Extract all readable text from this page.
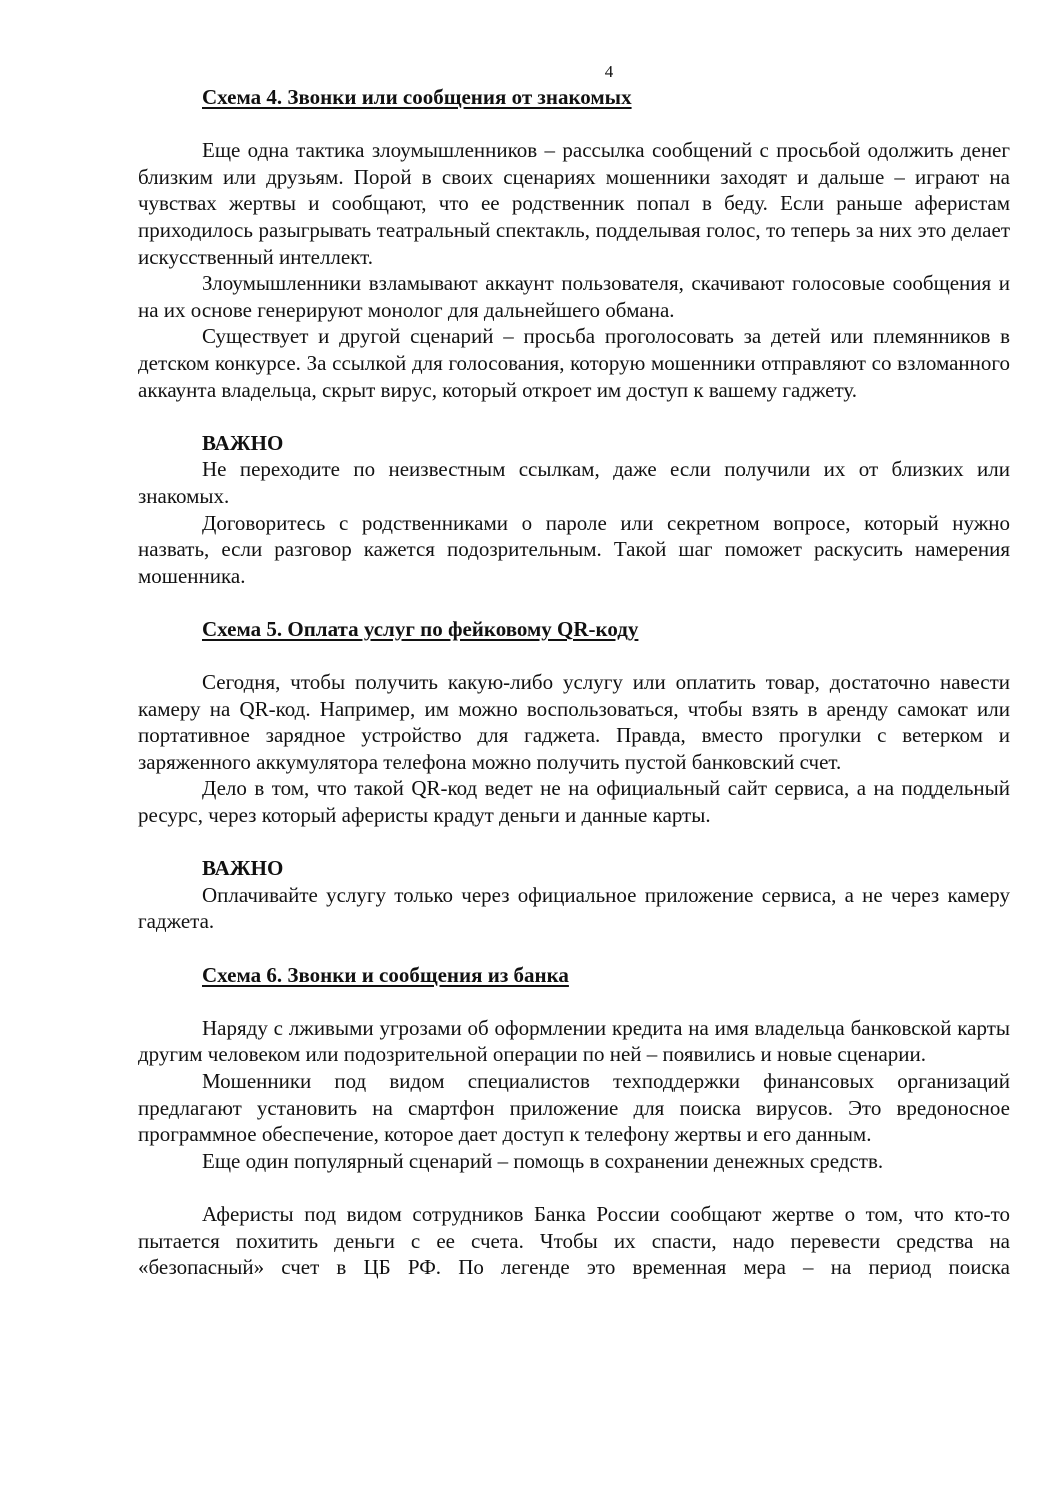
4
Схема 4. Звонки или сообщения от знакомых

Еще одна тактика злоумышленников – рассылка сообщений с просьбой одолжить денег близким или друзьям. Порой в своих сценариях мошенники заходят и дальше – играют на чувствах жертвы и сообщают, что ее родственник попал в беду. Если раньше аферистам приходилось разыгрывать театральный спектакль, подделывая голос, то теперь за них это делает искусственный интеллект.

Злоумышленники взламывают аккаунт пользователя, скачивают голосовые сообщения и на их основе генерируют монолог для дальнейшего обмана.

Существует и другой сценарий – просьба проголосовать за детей или племянников в детском конкурсе. За ссылкой для голосования, которую мошенники отправляют со взломанного аккаунта владельца, скрыт вирус, который откроет им доступ к вашему гаджету.

ВАЖНО

Не переходите по неизвестным ссылкам, даже если получили их от близких или знакомых.

Договоритесь с родственниками о пароле или секретном вопросе, который нужно назвать, если разговор кажется подозрительным. Такой шаг поможет раскусить намерения мошенника.

Схема 5. Оплата услуг по фейковому QR-коду

Сегодня, чтобы получить какую-либо услугу или оплатить товар, достаточно навести камеру на QR-код. Например, им можно воспользоваться, чтобы взять в аренду самокат или портативное зарядное устройство для гаджета. Правда, вместо прогулки с ветерком и заряженного аккумулятора телефона можно получить пустой банковский счет.

Дело в том, что такой QR-код ведет не на официальный сайт сервиса, а на поддельный ресурс, через который аферисты крадут деньги и данные карты.

ВАЖНО

Оплачивайте услугу только через официальное приложение сервиса, а не через камеру гаджета.

Схема 6. Звонки и сообщения из банка

Наряду с лживыми угрозами об оформлении кредита на имя владельца банковской карты другим человеком или подозрительной операции по ней – появились и новые сценарии.

Мошенники под видом специалистов техподдержки финансовых организаций предлагают установить на смартфон приложение для поиска вирусов. Это вредоносное программное обеспечение, которое дает доступ к телефону жертвы и его данным.

Еще один популярный сценарий – помощь в сохранении денежных средств.

Аферисты под видом сотрудников Банка России сообщают жертве о том, что кто-то пытается похитить деньги с ее счета. Чтобы их спасти, надо перевести средства на «безопасный» счет в ЦБ РФ. По легенде это временная мера – на период поиска
